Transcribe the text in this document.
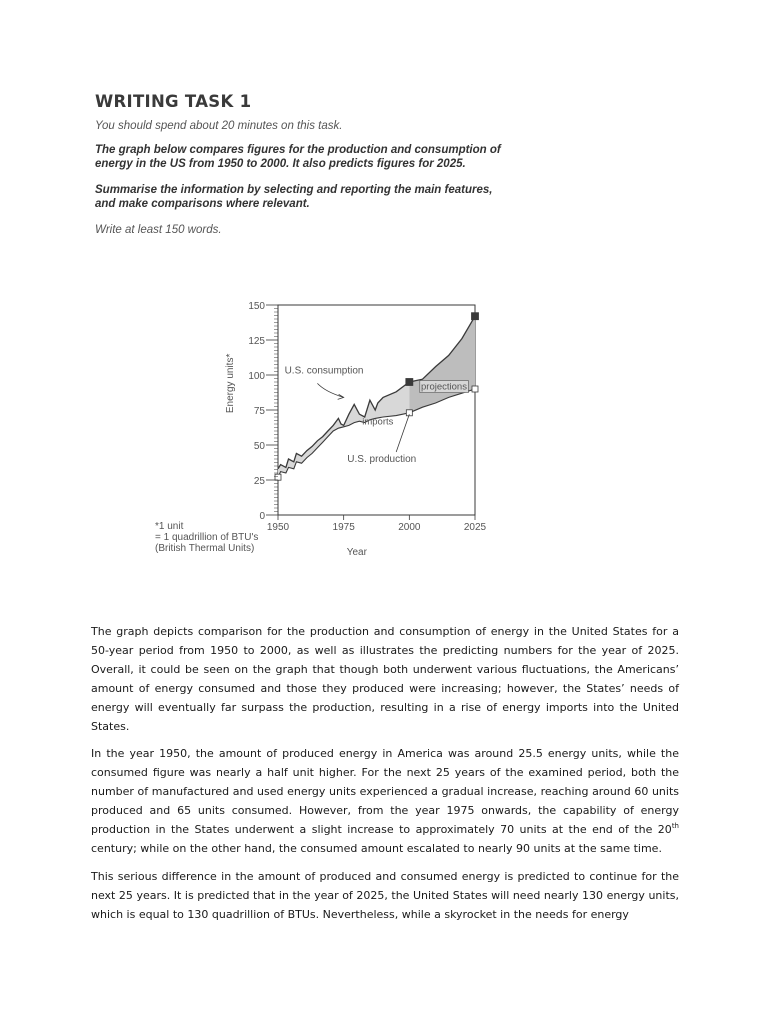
WRITING TASK 1
You should spend about 20 minutes on this task.
The graph below compares figures for the production and consumption of
energy in the US from 1950 to 2000. It also predicts figures for 2025.
Summarise the information by selecting and reporting the main features,
and make comparisons where relevant.
Write at least 150 words.
0
25
50
75
100
125
150
1950	1975	2000	2025
Year
Energy units*	U.S. consumption
imports
U.S. production
projections
*1 unit
= 1 quadrillion of BTU's
(British Thermal Units)

The graph depicts comparison for the production and consumption of energy in the United States for a 50-year period from 1950 to 2000, as well as illustrates the predicting numbers for the year of 2025. Overall, it could be seen on the graph that though both underwent various fluctuations, the Americans’ amount of energy consumed and those they produced were increasing; however, the States’ needs of energy will eventually far surpass the production, resulting in a rise of energy imports into the United States.

In the year 1950, the amount of produced energy in America was around 25.5 energy units, while the consumed figure was nearly a half unit higher. For the next 25 years of the examined period, both the number of manufactured and used energy units experienced a gradual increase, reaching around 60 units produced and 65 units consumed. However, from the year 1975 onwards, the capability of energy production in the States underwent a slight increase to approximately 70 units at the end of the 20th century; while on the other hand, the consumed amount escalated to nearly 90 units at the same time.

This serious difference in the amount of produced and consumed energy is predicted to continue for the next 25 years. It is predicted that in the year of 2025, the United States will need nearly 130 energy units, which is equal to 130 quadrillion of BTUs. Nevertheless, while a skyrocket in the needs for energy
